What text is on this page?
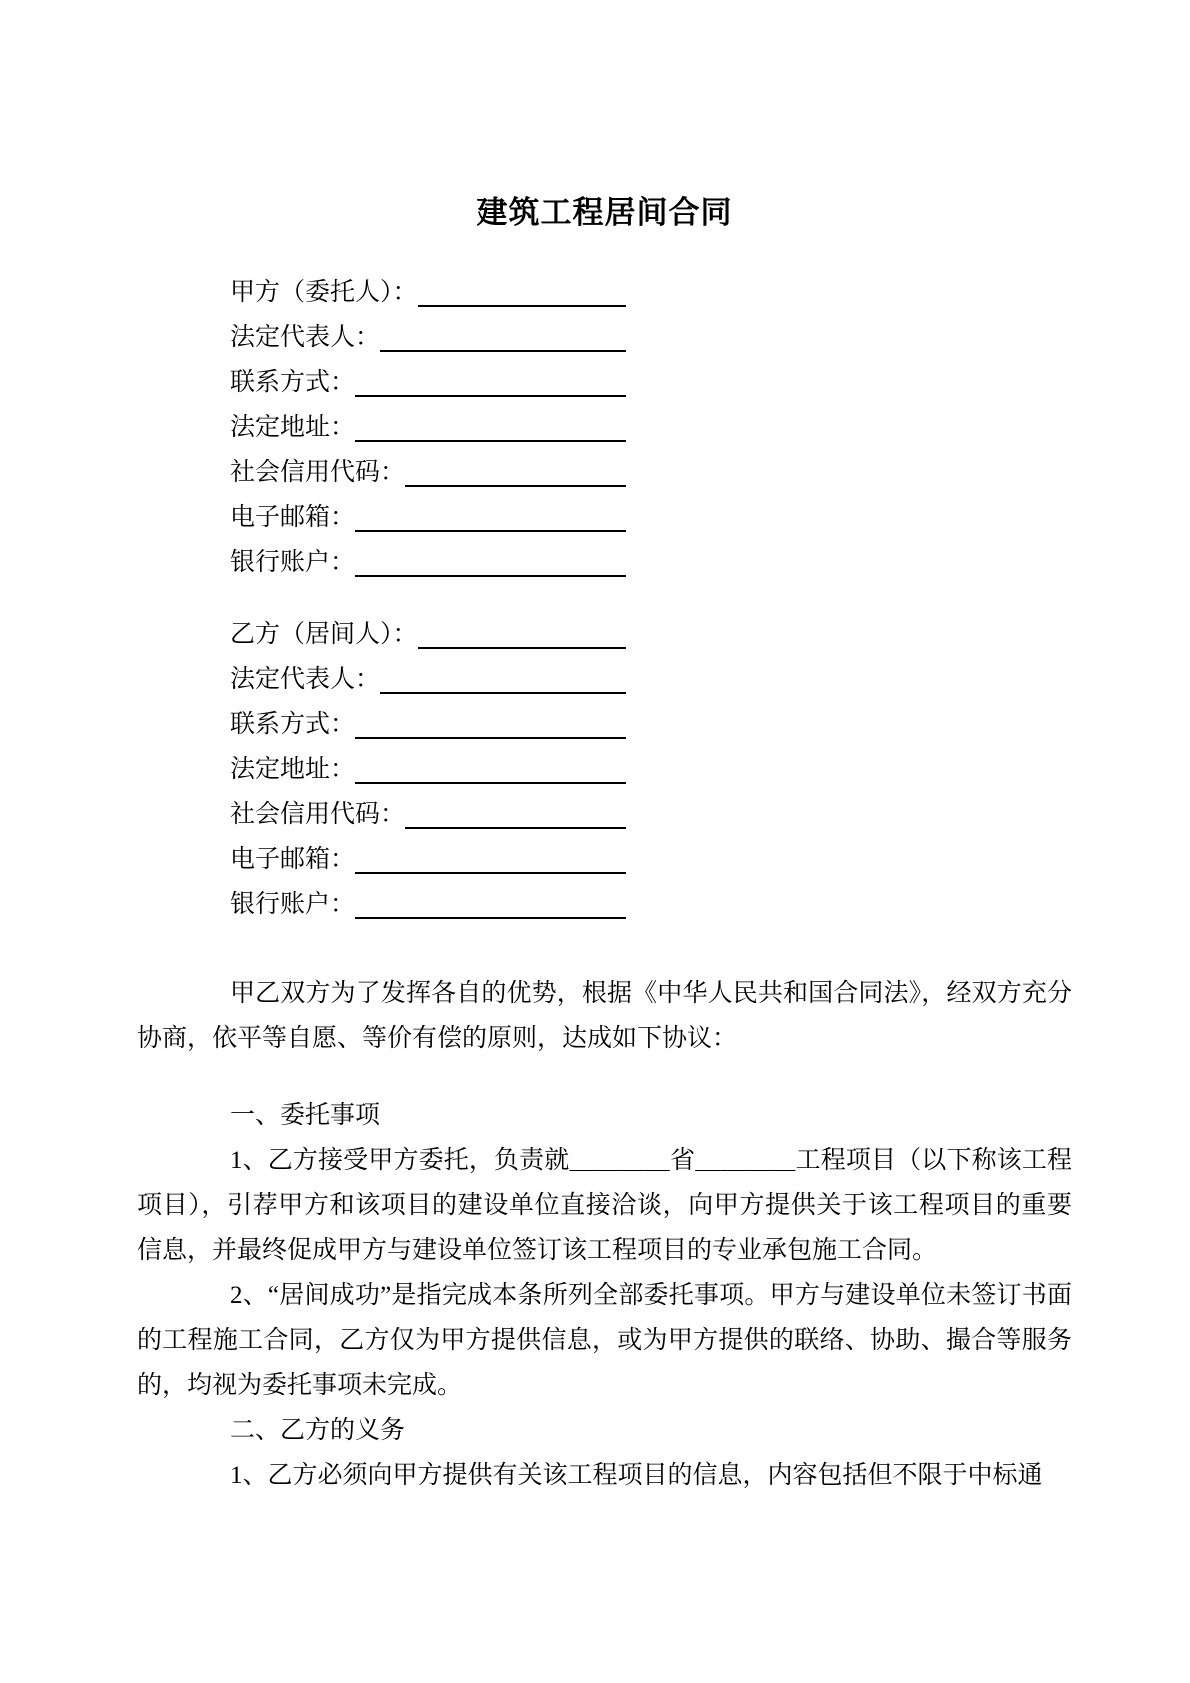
建筑工程居间合同
甲方（委托人）：
法定代表人：
联系方式：
法定地址：
社会信用代码：
电子邮箱：
银行账户：
乙方（居间人）：
法定代表人：
联系方式：
法定地址：
社会信用代码：
电子邮箱：
银行账户：
甲乙双方为了发挥各自的优势，根据《中华人民共和国合同法》，经双方充分协商，依平等自愿、等价有偿的原则，达成如下协议：
一、委托事项
1、乙方接受甲方委托，负责就＿＿＿＿省＿＿＿＿工程项目（以下称该工程项目），引荐甲方和该项目的建设单位直接洽谈，向甲方提供关于该工程项目的重要信息，并最终促成甲方与建设单位签订该工程项目的专业承包施工合同。
2、“居间成功”是指完成本条所列全部委托事项。甲方与建设单位未签订书面的工程施工合同，乙方仅为甲方提供信息，或为甲方提供的联络、协助、撮合等服务的，均视为委托事项未完成。
二、乙方的义务
1、乙方必须向甲方提供有关该工程项目的信息，内容包括但不限于中标通
